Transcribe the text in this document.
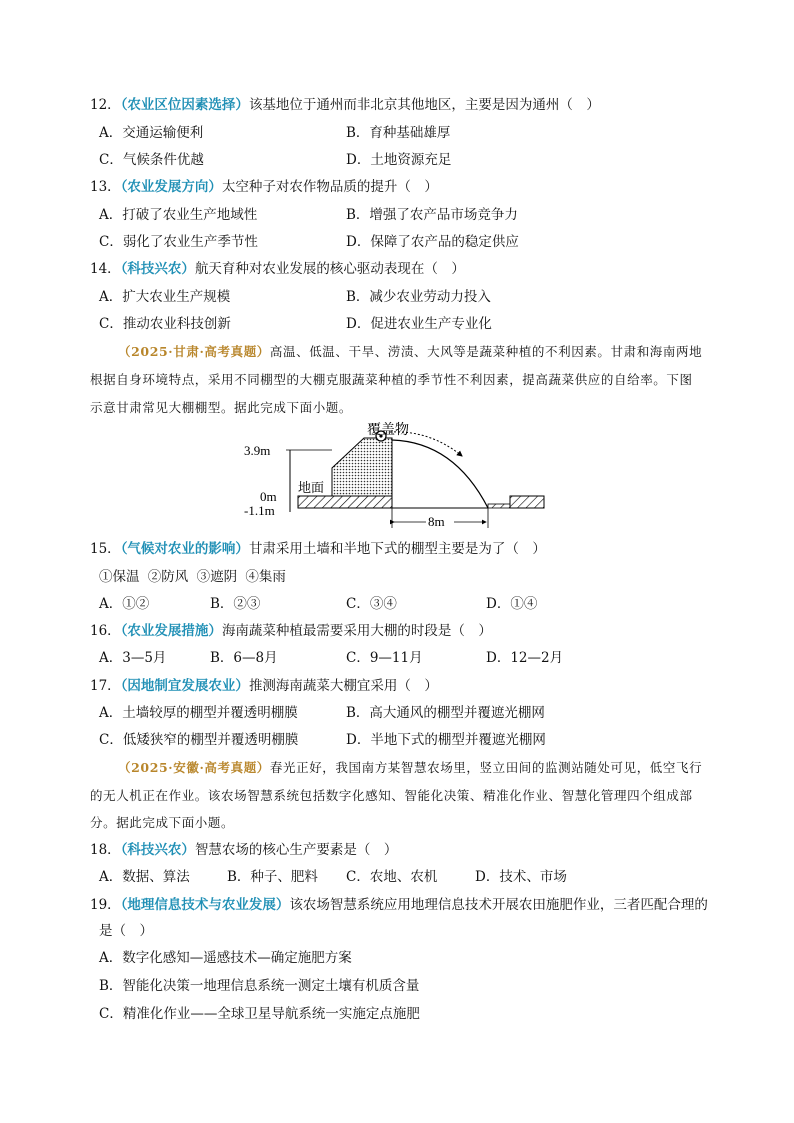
12．（农业区位因素选择）该基地位于通州而非北京其他地区，主要是因为通州（　）
A．交通运输便利	B．育种基础雄厚
C．气候条件优越	D．土地资源充足
13．（农业发展方向）太空种子对农作物品质的提升（　）
A．打破了农业生产地域性	B．增强了农产品市场竞争力
C．弱化了农业生产季节性	D．保障了农产品的稳定供应
14．（科技兴农）航天育种对农业发展的核心驱动表现在（　）
A．扩大农业生产规模	B．减少农业劳动力投入
C．推动农业科技创新	D．促进农业生产专业化
（2025·甘肃·高考真题）高温、低温、干旱、涝渍、大风等是蔬菜种植的不利因素。甘肃和海南两地
根据自身环境特点，采用不同棚型的大棚克服蔬菜种植的季节性不利因素，提高蔬菜供应的自给率。下图
示意甘肃常见大棚棚型。据此完成下面小题。
覆盖物
3.9m
0m
-1.1m
地面
8m
15．（气候对农业的影响）甘肃采用土墙和半地下式的棚型主要是为了（　）
①保温 ②防风 ③遮阴 ④集雨
A．①②	B．②③	C．③④	D．①④
16．（农业发展措施）海南蔬菜种植最需要采用大棚的时段是（　）
A．3—5月	B．6—8月	C．9—11月	D．12—2月
17．（因地制宜发展农业）推测海南蔬菜大棚宜采用（　）
A．土墙较厚的棚型并覆透明棚膜	B．高大通风的棚型并覆遮光棚网
C．低矮狭窄的棚型并覆透明棚膜	D．半地下式的棚型并覆遮光棚网
（2025·安徽·高考真题）春光正好，我国南方某智慧农场里，竖立田间的监测站随处可见，低空飞行
的无人机正在作业。该农场智慧系统包括数字化感知、智能化决策、精准化作业、智慧化管理四个组成部
分。据此完成下面小题。
18．（科技兴农）智慧农场的核心生产要素是（　）
A．数据、算法	B．种子、肥料 C．农地、农机	D．技术、市场
19．（地理信息技术与农业发展）该农场智慧系统应用地理信息技术开展农田施肥作业，三者匹配合理的
是（　）
A．数字化感知—遥感技术—确定施肥方案
B．智能化决策一地理信息系统一测定土壤有机质含量
C．精准化作业——全球卫星导航系统一实施定点施肥
